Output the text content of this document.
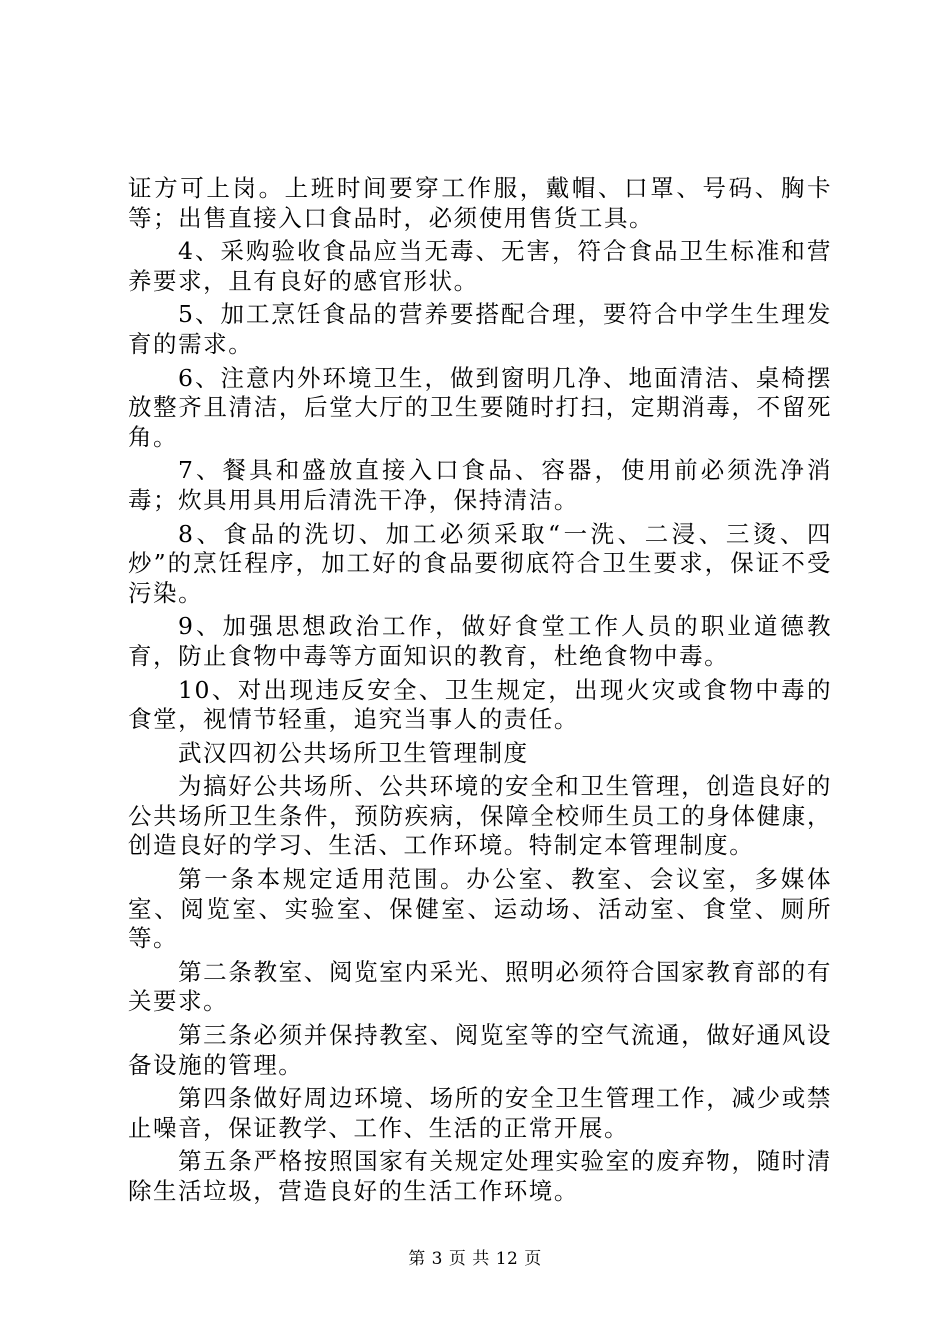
证方可上岗。上班时间要穿工作服，戴帽、口罩、号码、胸卡等；出售直接入口食品时，必须使用售货工具。

4、采购验收食品应当无毒、无害，符合食品卫生标准和营养要求，且有良好的感官形状。

5、加工烹饪食品的营养要搭配合理，要符合中学生生理发育的需求。

6、注意内外环境卫生，做到窗明几净、地面清洁、桌椅摆放整齐且清洁，后堂大厅的卫生要随时打扫，定期消毒，不留死角。

7、餐具和盛放直接入口食品、容器，使用前必须洗净消毒；炊具用具用后清洗干净，保持清洁。

8、食品的洗切、加工必须采取“一洗、二浸、三烫、四炒”的烹饪程序，加工好的食品要彻底符合卫生要求，保证不受污染。

9、加强思想政治工作，做好食堂工作人员的职业道德教育，防止食物中毒等方面知识的教育，杜绝食物中毒。

10、对出现违反安全、卫生规定，出现火灾或食物中毒的食堂，视情节轻重，追究当事人的责任。

武汉四初公共场所卫生管理制度

为搞好公共场所、公共环境的安全和卫生管理，创造良好的公共场所卫生条件，预防疾病，保障全校师生员工的身体健康，创造良好的学习、生活、工作环境。特制定本管理制度。

第一条本规定适用范围。办公室、教室、会议室，多媒体室、阅览室、实验室、保健室、运动场、活动室、食堂、厕所等。

第二条教室、阅览室内采光、照明必须符合国家教育部的有关要求。

第三条必须并保持教室、阅览室等的空气流通，做好通风设备设施的管理。

第四条做好周边环境、场所的安全卫生管理工作，减少或禁止噪音，保证教学、工作、生活的正常开展。

第五条严格按照国家有关规定处理实验室的废弃物，随时清除生活垃圾，营造良好的生活工作环境。

第 3 页 共 12 页
